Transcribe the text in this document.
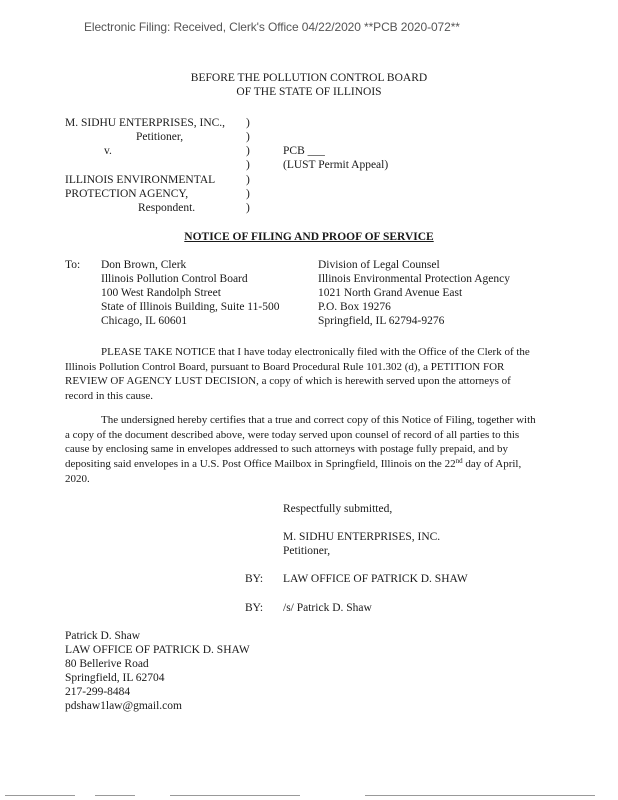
Electronic Filing: Received, Clerk's Office 04/22/2020 **PCB 2020-072**
BEFORE THE POLLUTION CONTROL BOARD
OF THE STATE OF ILLINOIS
M. SIDHU ENTERPRISES, INC.,
Petitioner,
v.
ILLINOIS ENVIRONMENTAL
PROTECTION AGENCY,
Respondent.
)
)
)
)
)
)
)
PCB ___
(LUST Permit Appeal)
NOTICE OF FILING AND PROOF OF SERVICE
To: Don Brown, Clerk
Illinois Pollution Control Board
100 West Randolph Street
State of Illinois Building, Suite 11-500
Chicago, IL 60601
Division of Legal Counsel
Illinois Environmental Protection Agency
1021 North Grand Avenue East
P.O. Box 19276
Springfield, IL 62794-9276
PLEASE TAKE NOTICE that I have today electronically filed with the Office of the Clerk of the Illinois Pollution Control Board, pursuant to Board Procedural Rule 101.302 (d), a PETITION FOR REVIEW OF AGENCY LUST DECISION, a copy of which is herewith served upon the attorneys of record in this cause.
The undersigned hereby certifies that a true and correct copy of this Notice of Filing, together with a copy of the document described above, were today served upon counsel of record of all parties to this cause by enclosing same in envelopes addressed to such attorneys with postage fully prepaid, and by depositing said envelopes in a U.S. Post Office Mailbox in Springfield, Illinois on the 22nd day of April, 2020.
Respectfully submitted,
M. SIDHU ENTERPRISES, INC.
Petitioner,
BY: LAW OFFICE OF PATRICK D. SHAW
BY: /s/ Patrick D. Shaw
Patrick D. Shaw
LAW OFFICE OF PATRICK D. SHAW
80 Bellerive Road
Springfield, IL 62704
217-299-8484
pdshaw1law@gmail.com
